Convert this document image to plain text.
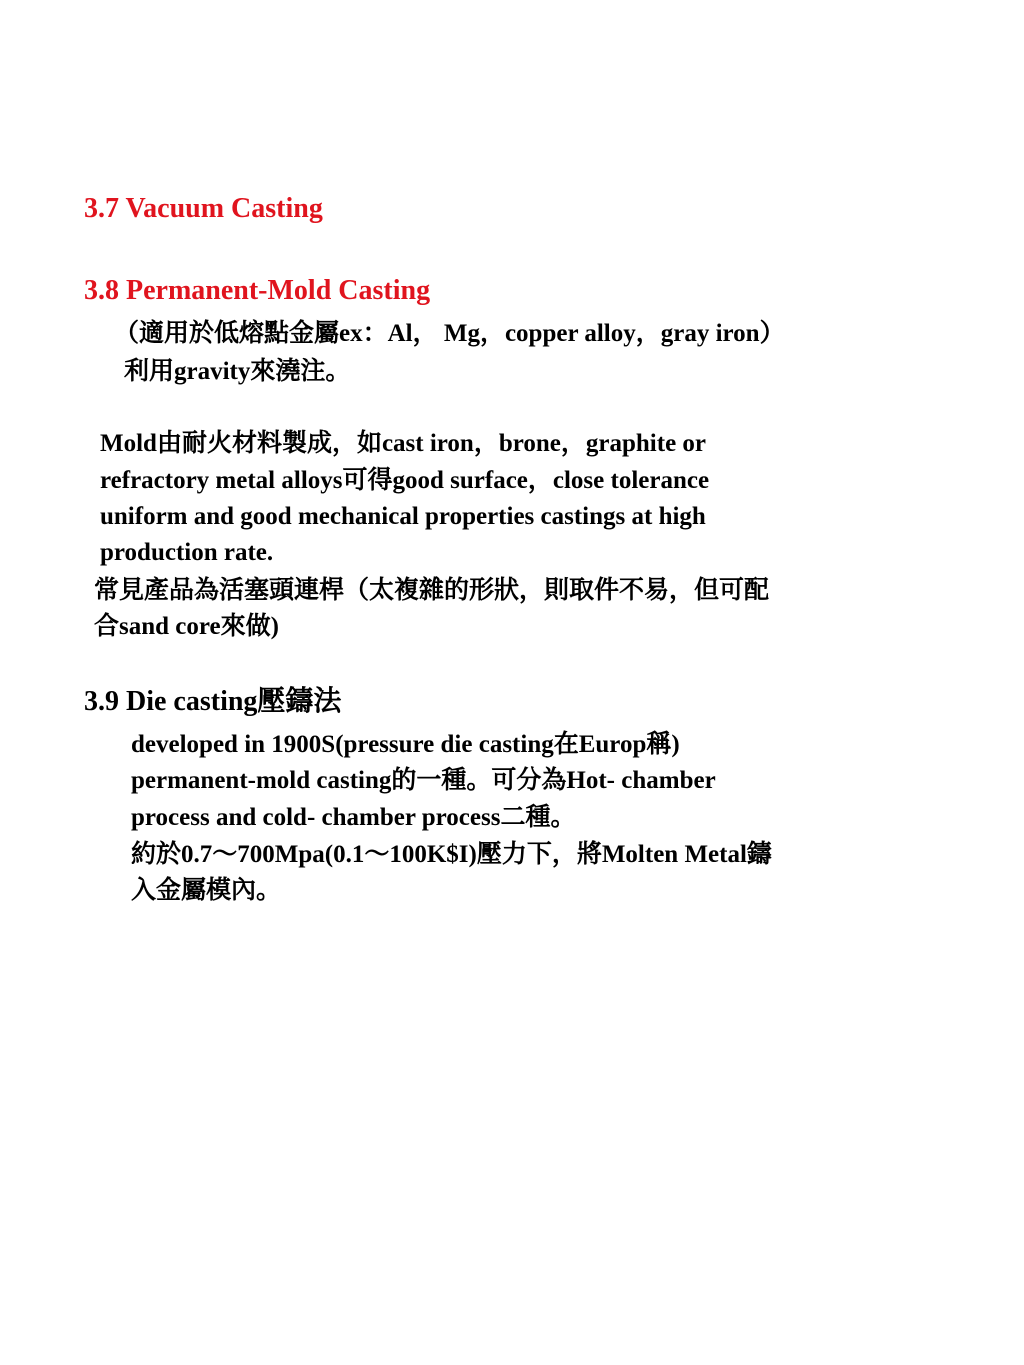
3.7 Vacuum Casting
3.8 Permanent-Mold Casting
（適用於低熔點金屬ex：Al， Mg，copper alloy，gray iron）
利用gravity來澆注。
Mold由耐火材料製成，如cast iron，brone，graphite or
refractory metal alloys可得good surface，close tolerance
uniform and good mechanical properties castings at high
production rate.
常見產品為活塞頭連桿（太複雜的形狀，則取件不易，但可配
合sand core來做)
3.9 Die casting壓鑄法
developed in 1900S(pressure die casting在Europ稱)
permanent-mold casting的一種。可分為Hot- chamber
process and cold- chamber process二種。
約於0.7～700Mpa(0.1～100K$I)壓力下，將Molten Metal鑄
入金屬模內。
